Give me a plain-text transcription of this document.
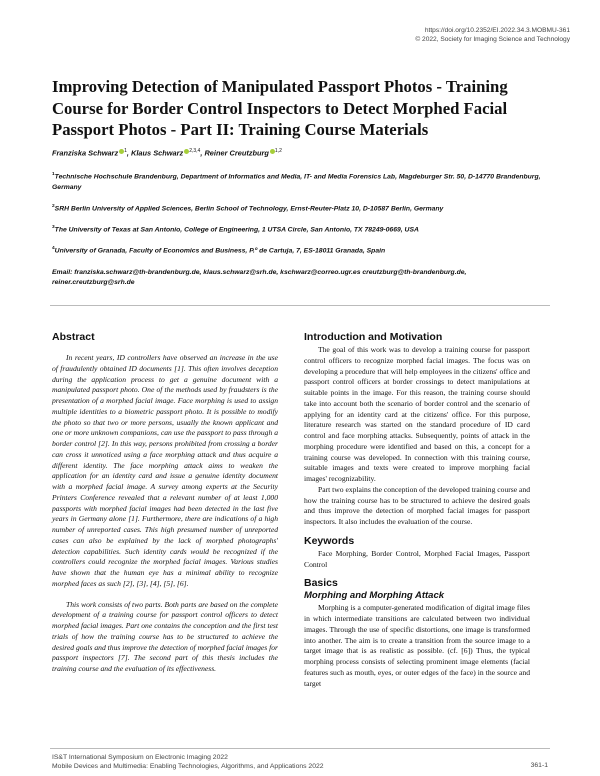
https://doi.org/10.2352/EI.2022.34.3.MOBMU-361
© 2022, Society for Imaging Science and Technology
Improving Detection of Manipulated Passport Photos - Training Course for Border Control Inspectors to Detect Morphed Facial Passport Photos - Part II: Training Course Materials
Franziska Schwarz $^1$, Klaus Schwarz $^{2,3,4}$, Reiner Creutzburg $^{1,2}$
$^1$Technische Hochschule Brandenburg, Department of Informatics and Media, IT- and Media Forensics Lab, Magdeburger Str. 50, D-14770 Brandenburg, Germany
$^2$SRH Berlin University of Applied Sciences, Berlin School of Technology, Ernst-Reuter-Platz 10, D-10587 Berlin, Germany
$^3$The University of Texas at San Antonio, College of Engineering, 1 UTSA Circle, San Antonio, TX 78249-0669, USA
$^4$University of Granada, Faculty of Economics and Business, P.º de Cartuja, 7, ES-18011 Granada, Spain
Email: franziska.schwarz@th-brandenburg.de, klaus.schwarz@srh.de, kschwarz@correo.ugr.es creutzburg@th-brandenburg.de, reiner.creutzburg@srh.de
Abstract

In recent years, ID controllers have observed an increase in the use of fraudulently obtained ID documents [1]. This often involves deception during the application process to get a genuine document with a manipulated passport photo. One of the methods used by fraudsters is the presentation of a morphed facial image. Face morphing is used to assign multiple identities to a biometric passport photo. It is possible to modify the photo so that two or more persons, usually the known applicant and one or more unknown companions, can use the passport to pass through a border control [2]. In this way, persons prohibited from crossing a border can cross it unnoticed using a face morphing attack and thus acquire a different identity. The face morphing attack aims to weaken the application for an identity card and issue a genuine identity document with a morphed facial image. A survey among experts at the Security Printers Conference revealed that a relevant number of at least 1,000 passports with morphed facial images had been detected in the last five years in Germany alone [1]. Furthermore, there are indications of a high number of unreported cases. This high presumed number of unreported cases can also be explained by the lack of morphed photographs' detection capabilities. Such identity cards would be recognized if the controllers could recognize the morphed facial images. Various studies have shown that the human eye has a minimal ability to recognize morphed faces as such [2], [3], [4], [5], [6].

This work consists of two parts. Both parts are based on the complete development of a training course for passport control officers to detect morphed facial images. Part one contains the conception and the first test trials of how the training course has to be structured to achieve the desired goals and thus improve the detection of morphed facial images for passport inspectors [7]. The second part of this thesis includes the training course and the evaluation of its effectiveness.

Introduction and Motivation

The goal of this work was to develop a training course for passport control officers to recognize morphed facial images. The focus was on developing a procedure that will help employees in the citizens' office and passport control officers at border crossings to detect manipulations at suitable points in the image. For this reason, the training course should take into account both the scenario of border control and the scenario of applying for an identity card at the citizens' office. For this purpose, literature research was started on the standard procedure of ID card control and face morphing attacks. Subsequently, points of attack in the morphing procedure were identified and based on this, a concept for a training course was developed. In connection with this training course, suitable images and texts were created to improve morphing facial images' recognizability.

Part two explains the conception of the developed training course and how the training course has to be structured to achieve the desired goals and thus improve the detection of morphed facial images for passport inspectors. It also includes the evaluation of the course.

Keywords

Face Morphing, Border Control, Morphed Facial Images, Passport Control

Basics
Morphing and Morphing Attack

Morphing is a computer-generated modification of digital image files in which intermediate transitions are calculated between two individual images. Through the use of specific distortions, one image is transformed into another. The aim is to create a transition from the source image to a target image that is as realistic as possible. (cf. [6]) Thus, the typical morphing process consists of selecting prominent image elements (facial features such as mouth, eyes, or outer edges of the face) in the source and target

IS&T International Symposium on Electronic Imaging 2022
Mobile Devices and Multimedia: Enabling Technologies, Algorithms, and Applications 2022	361-1
